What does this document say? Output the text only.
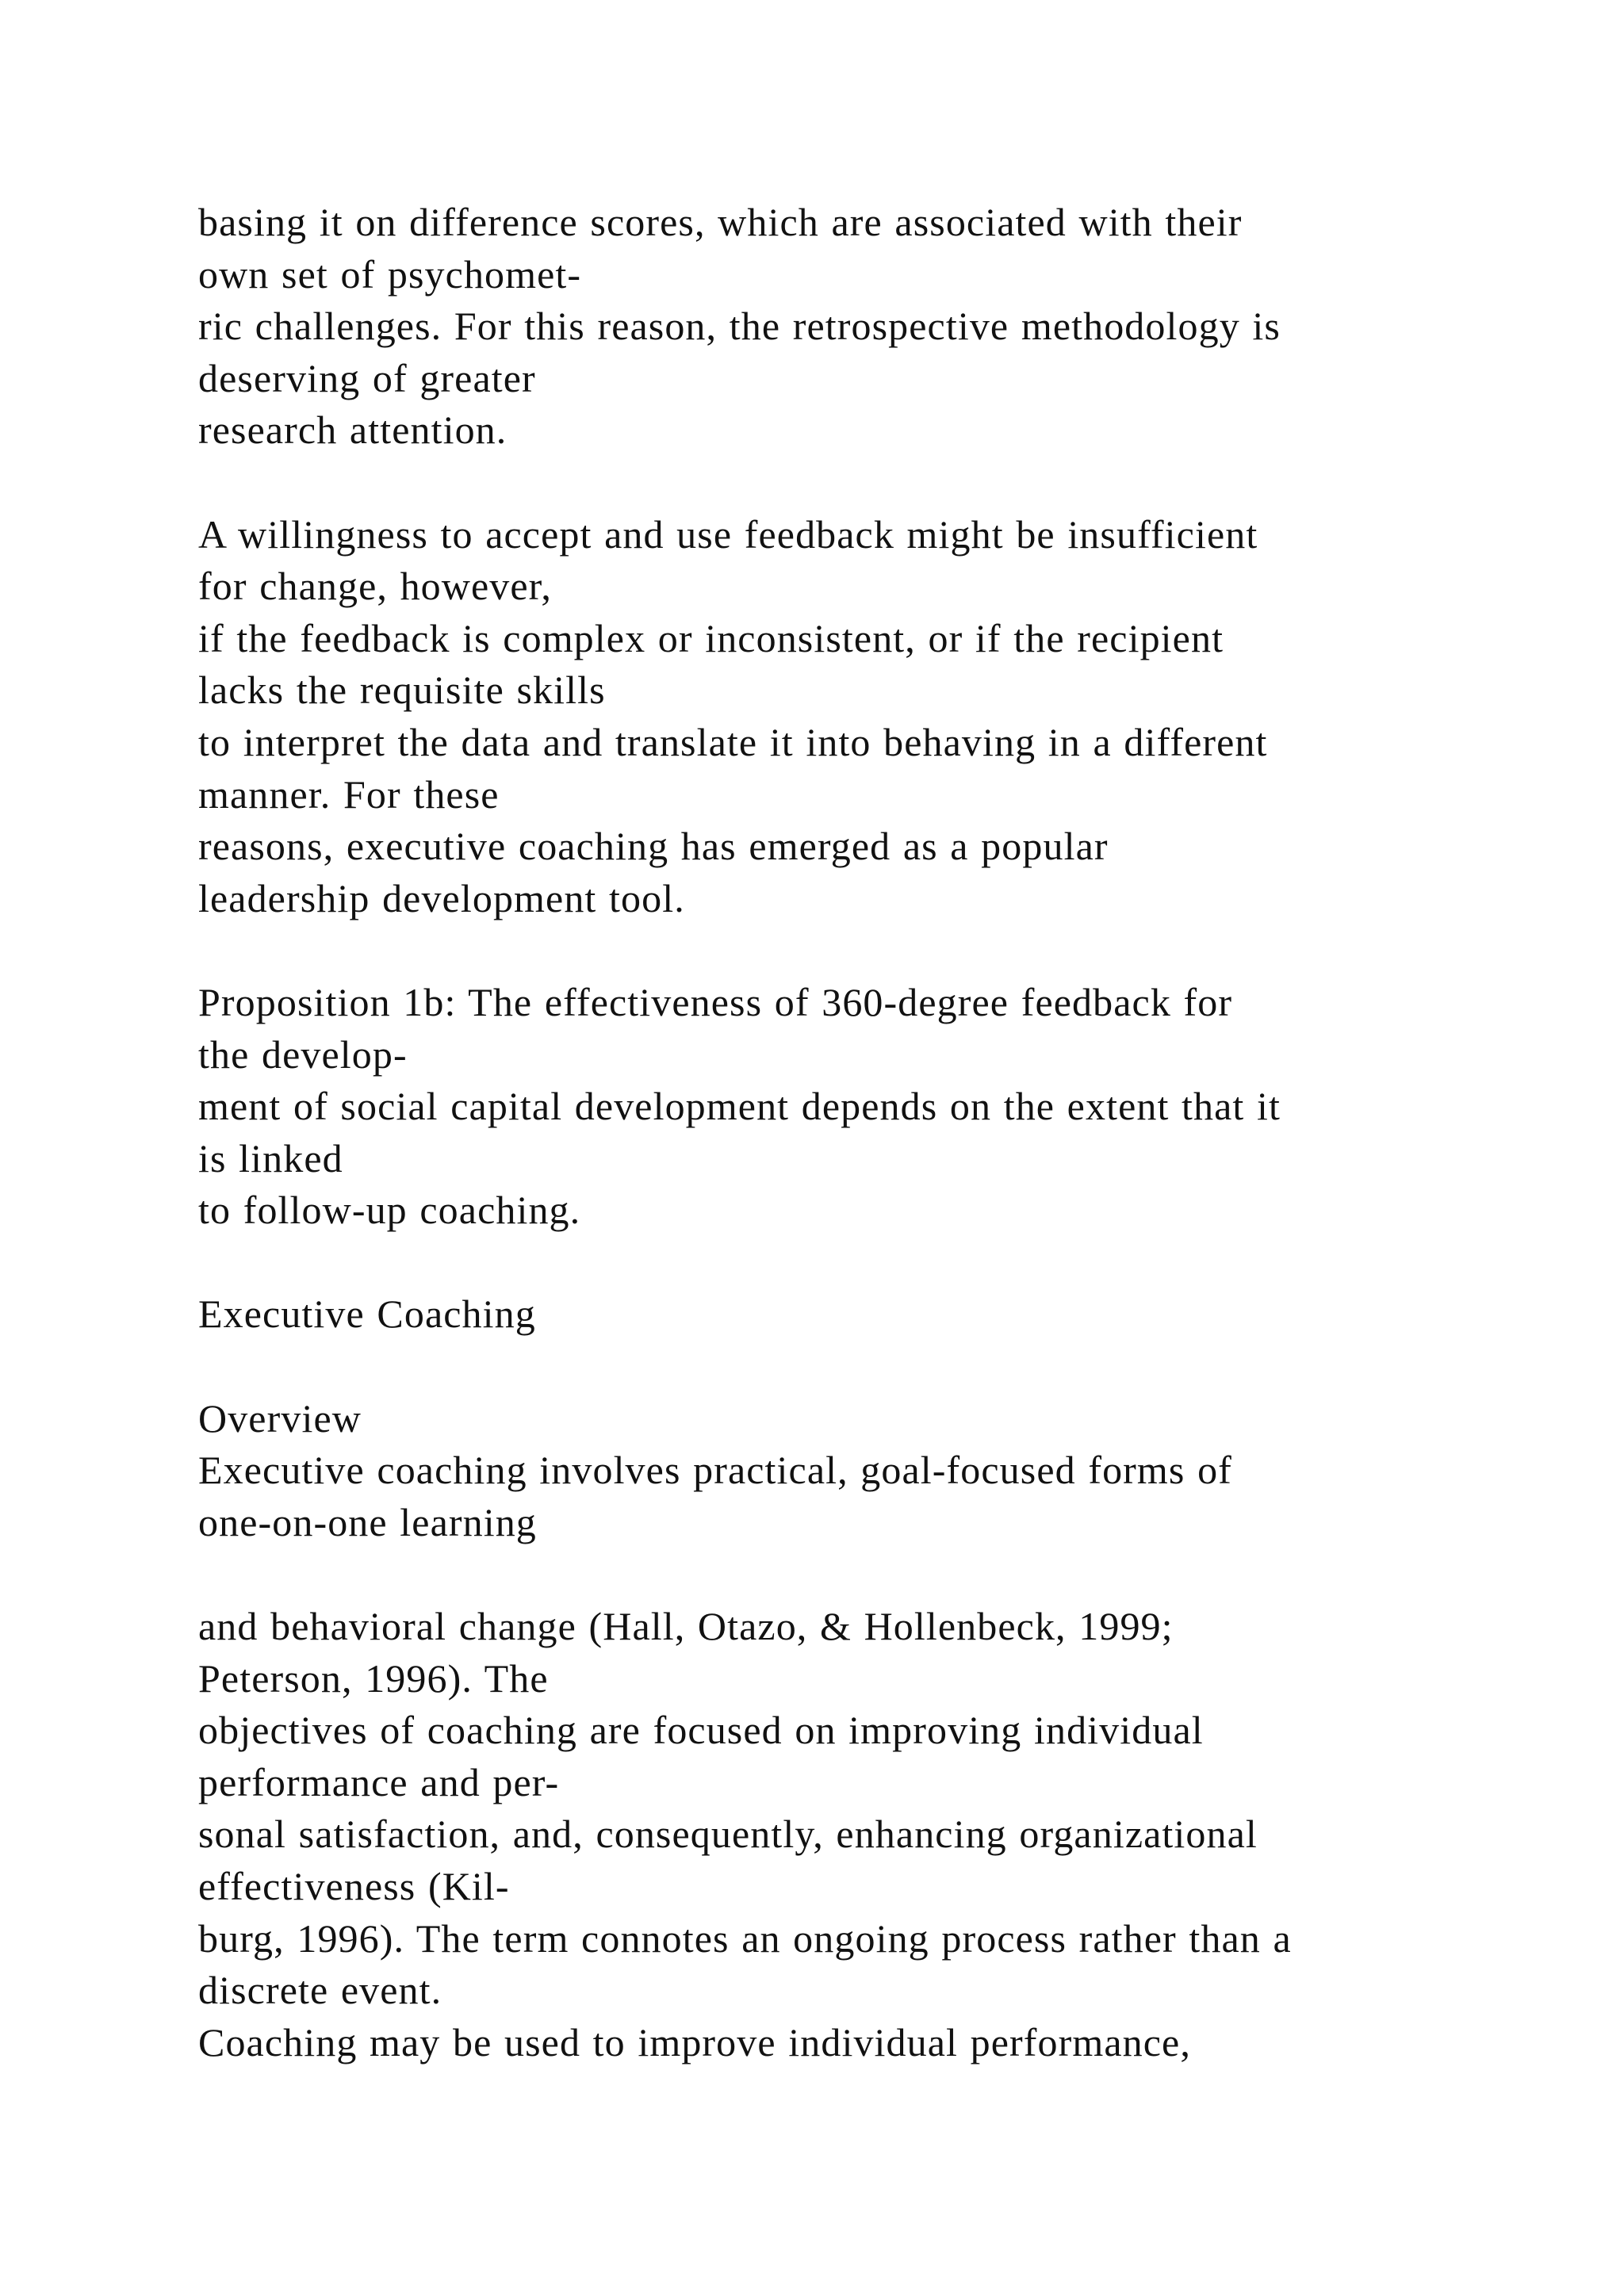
basing it on difference scores, which are associated with their
own set of psychomet-
ric challenges. For this reason, the retrospective methodology is
deserving of greater
research attention.
A willingness to accept and use feedback might be insufficient
for change, however,
if the feedback is complex or inconsistent, or if the recipient
lacks the requisite skills
to interpret the data and translate it into behaving in a different
manner. For these
reasons, executive coaching has emerged as a popular
leadership development tool.
Proposition 1b: The effectiveness of 360-degree feedback for
the develop-
ment of social capital development depends on the extent that it
is linked
to follow-up coaching.
Executive Coaching
Overview
Executive coaching involves practical, goal-focused forms of
one-on-one learning
and behavioral change (Hall, Otazo, & Hollenbeck, 1999;
Peterson, 1996). The
objectives of coaching are focused on improving individual
performance and per-
sonal satisfaction, and, consequently, enhancing organizational
effectiveness (Kil-
burg, 1996). The term connotes an ongoing process rather than a
discrete event.
Coaching may be used to improve individual performance,
